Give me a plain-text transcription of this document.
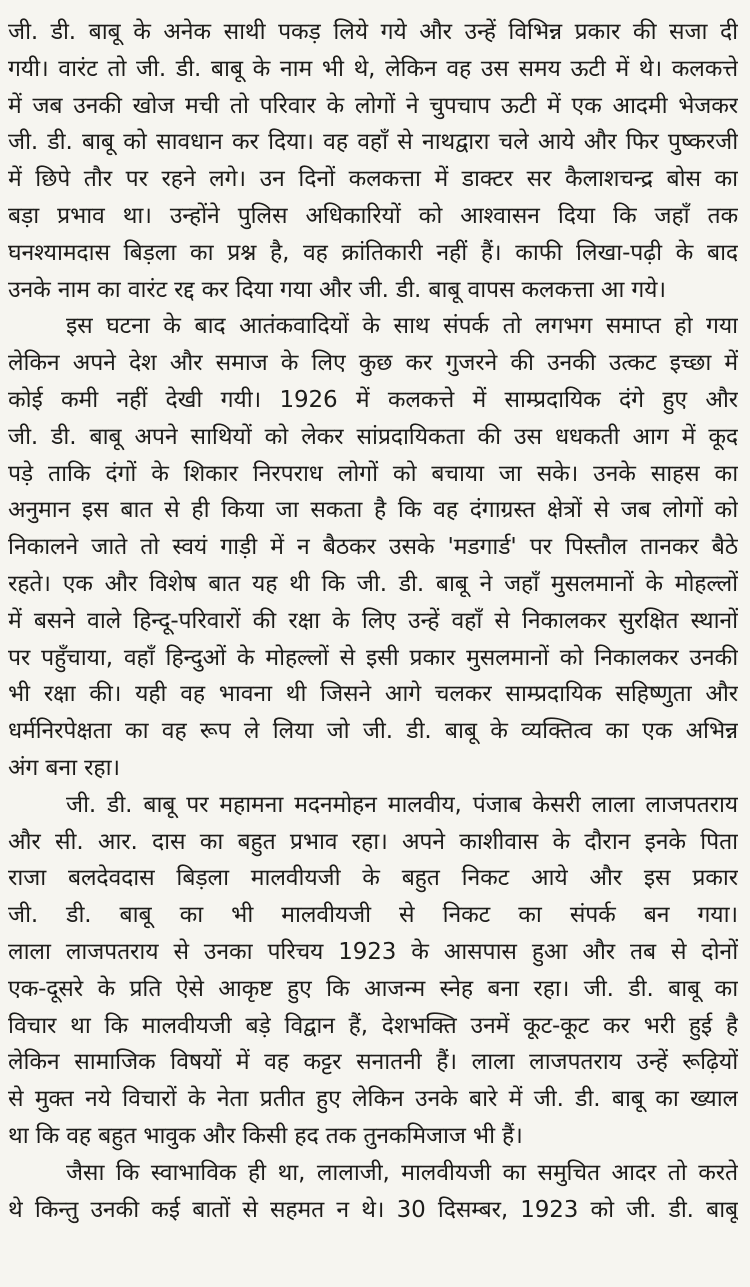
जी. डी. बाबू के अनेक साथी पकड़ लिये गये और उन्हें विभिन्न प्रकार की सजा दी
गयी। वारंट तो जी. डी. बाबू के नाम भी थे, लेकिन वह उस समय ऊटी में थे। कलकत्ते
में जब उनकी खोज मची तो परिवार के लोगों ने चुपचाप ऊटी में एक आदमी भेजकर
जी. डी. बाबू को सावधान कर दिया। वह वहाँ से नाथद्वारा चले आये और फिर पुष्करजी
में छिपे तौर पर रहने लगे। उन दिनों कलकत्ता में डाक्टर सर कैलाशचन्द्र बोस का
बड़ा प्रभाव था। उन्होंने पुलिस अधिकारियों को आश्वासन दिया कि जहाँ तक
घनश्यामदास बिड़ला का प्रश्न है, वह क्रांतिकारी नहीं हैं। काफी लिखा-पढ़ी के बाद
उनके नाम का वारंट रद्द कर दिया गया और जी. डी. बाबू वापस कलकत्ता आ गये।
इस घटना के बाद आतंकवादियों के साथ संपर्क तो लगभग समाप्त हो गया
लेकिन अपने देश और समाज के लिए कुछ कर गुजरने की उनकी उत्कट इच्छा में
कोई कमी नहीं देखी गयी। 1926 में कलकत्ते में साम्प्रदायिक दंगे हुए और
जी. डी. बाबू अपने साथियों को लेकर सांप्रदायिकता की उस धधकती आग में कूद
पड़े ताकि दंगों के शिकार निरपराध लोगों को बचाया जा सके। उनके साहस का
अनुमान इस बात से ही किया जा सकता है कि वह दंगाग्रस्त क्षेत्रों से जब लोगों को
निकालने जाते तो स्वयं गाड़ी में न बैठकर उसके 'मडगार्ड' पर पिस्तौल तानकर बैठे
रहते। एक और विशेष बात यह थी कि जी. डी. बाबू ने जहाँ मुसलमानों के मोहल्लों
में बसने वाले हिन्दू-परिवारों की रक्षा के लिए उन्हें वहाँ से निकालकर सुरक्षित स्थानों
पर पहुँचाया, वहाँ हिन्दुओं के मोहल्लों से इसी प्रकार मुसलमानों को निकालकर उनकी
भी रक्षा की। यही वह भावना थी जिसने आगे चलकर साम्प्रदायिक सहिष्णुता और
धर्मनिरपेक्षता का वह रूप ले लिया जो जी. डी. बाबू के व्यक्तित्व का एक अभिन्न
अंग बना रहा।
जी. डी. बाबू पर महामना मदनमोहन मालवीय, पंजाब केसरी लाला लाजपतराय
और सी. आर. दास का बहुत प्रभाव रहा। अपने काशीवास के दौरान इनके पिता
राजा बलदेवदास बिड़ला मालवीयजी के बहुत निकट आये और इस प्रकार
जी. डी. बाबू का भी मालवीयजी से निकट का संपर्क बन गया।
लाला लाजपतराय से उनका परिचय 1923 के आसपास हुआ और तब से दोनों
एक-दूसरे के प्रति ऐसे आकृष्ट हुए कि आजन्म स्नेह बना रहा। जी. डी. बाबू का
विचार था कि मालवीयजी बड़े विद्वान हैं, देशभक्ति उनमें कूट-कूट कर भरी हुई है
लेकिन सामाजिक विषयों में वह कट्टर सनातनी हैं। लाला लाजपतराय उन्हें रूढ़ियों
से मुक्त नये विचारों के नेता प्रतीत हुए लेकिन उनके बारे में जी. डी. बाबू का ख्याल
था कि वह बहुत भावुक और किसी हद तक तुनकमिजाज भी हैं।
जैसा कि स्वाभाविक ही था, लालाजी, मालवीयजी का समुचित आदर तो करते
थे किन्तु उनकी कई बातों से सहमत न थे। 30 दिसम्बर, 1923 को जी. डी. बाबू
